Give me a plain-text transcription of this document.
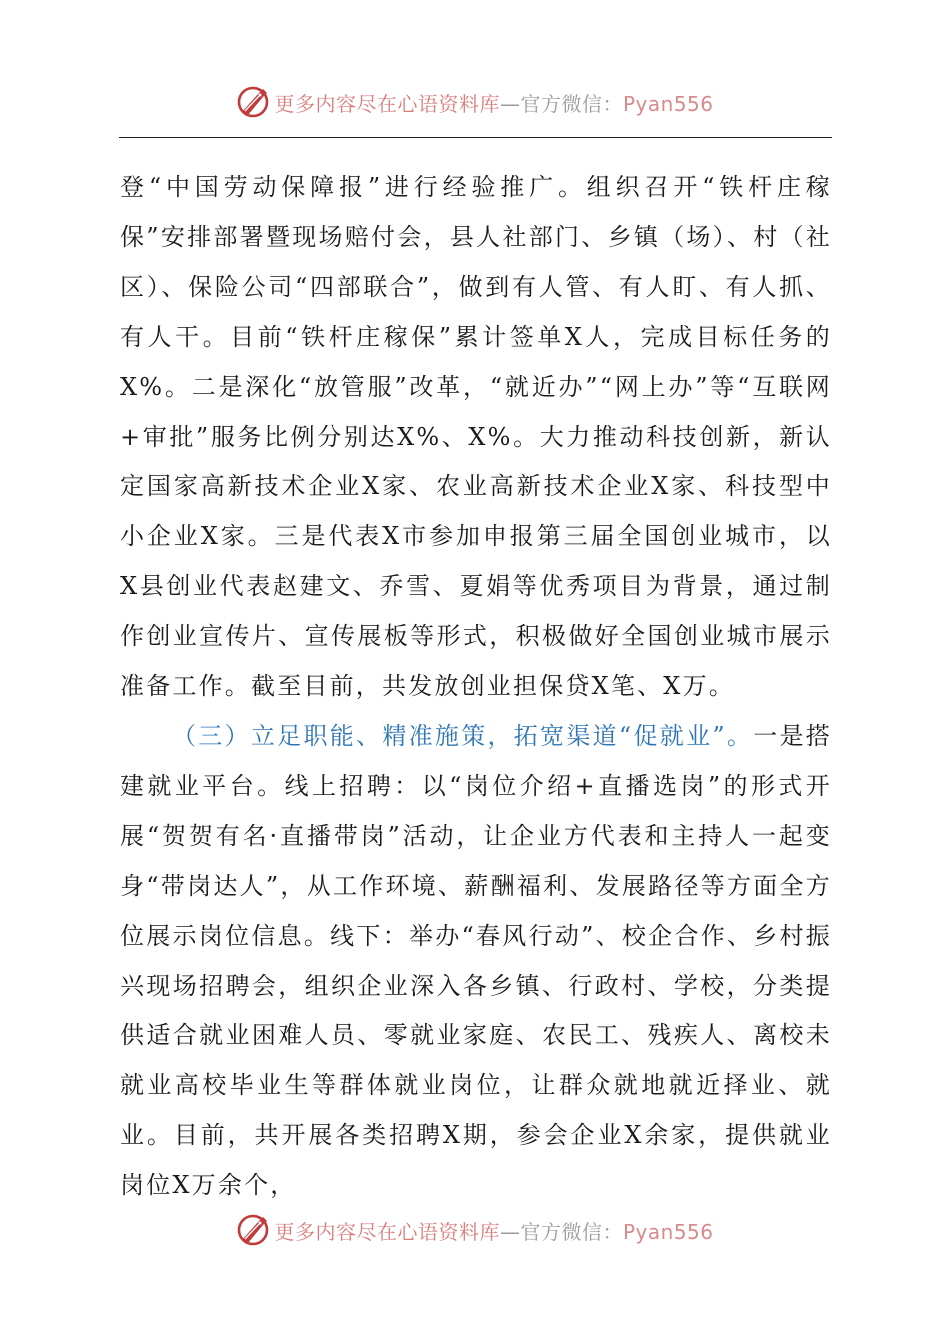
更多内容尽在心语资料库—官方微信：Pyan556

登“中国劳动保障报”进行经验推广。组织召开“铁杆庄稼保”安排部署暨现场赔付会，县人社部门、乡镇（场）、村（社区）、保险公司“四部联合”，做到有人管、有人盯、有人抓、有人干。目前“铁杆庄稼保”累计签单X人，完成目标任务的X%。二是深化“放管服”改革，“就近办”“网上办”等“互联网+审批”服务比例分别达X%、X%。大力推动科技创新，新认定国家高新技术企业X家、农业高新技术企业X家、科技型中小企业X家。三是代表X市参加申报第三届全国创业城市，以X县创业代表赵建文、乔雪、夏娟等优秀项目为背景，通过制作创业宣传片、宣传展板等形式，积极做好全国创业城市展示准备工作。截至目前，共发放创业担保贷X笔、X万。

（三）立足职能、精准施策，拓宽渠道“促就业”。一是搭建就业平台。线上招聘：以“岗位介绍+直播选岗”的形式开展“贺贺有名·直播带岗”活动，让企业方代表和主持人一起变身“带岗达人”，从工作环境、薪酬福利、发展路径等方面全方位展示岗位信息。线下：举办“春风行动”、校企合作、乡村振兴现场招聘会，组织企业深入各乡镇、行政村、学校，分类提供适合就业困难人员、零就业家庭、农民工、残疾人、离校未就业高校毕业生等群体就业岗位，让群众就地就近择业、就业。目前，共开展各类招聘X期，参会企业X余家，提供就业岗位X万余个，

更多内容尽在心语资料库—官方微信：Pyan556
